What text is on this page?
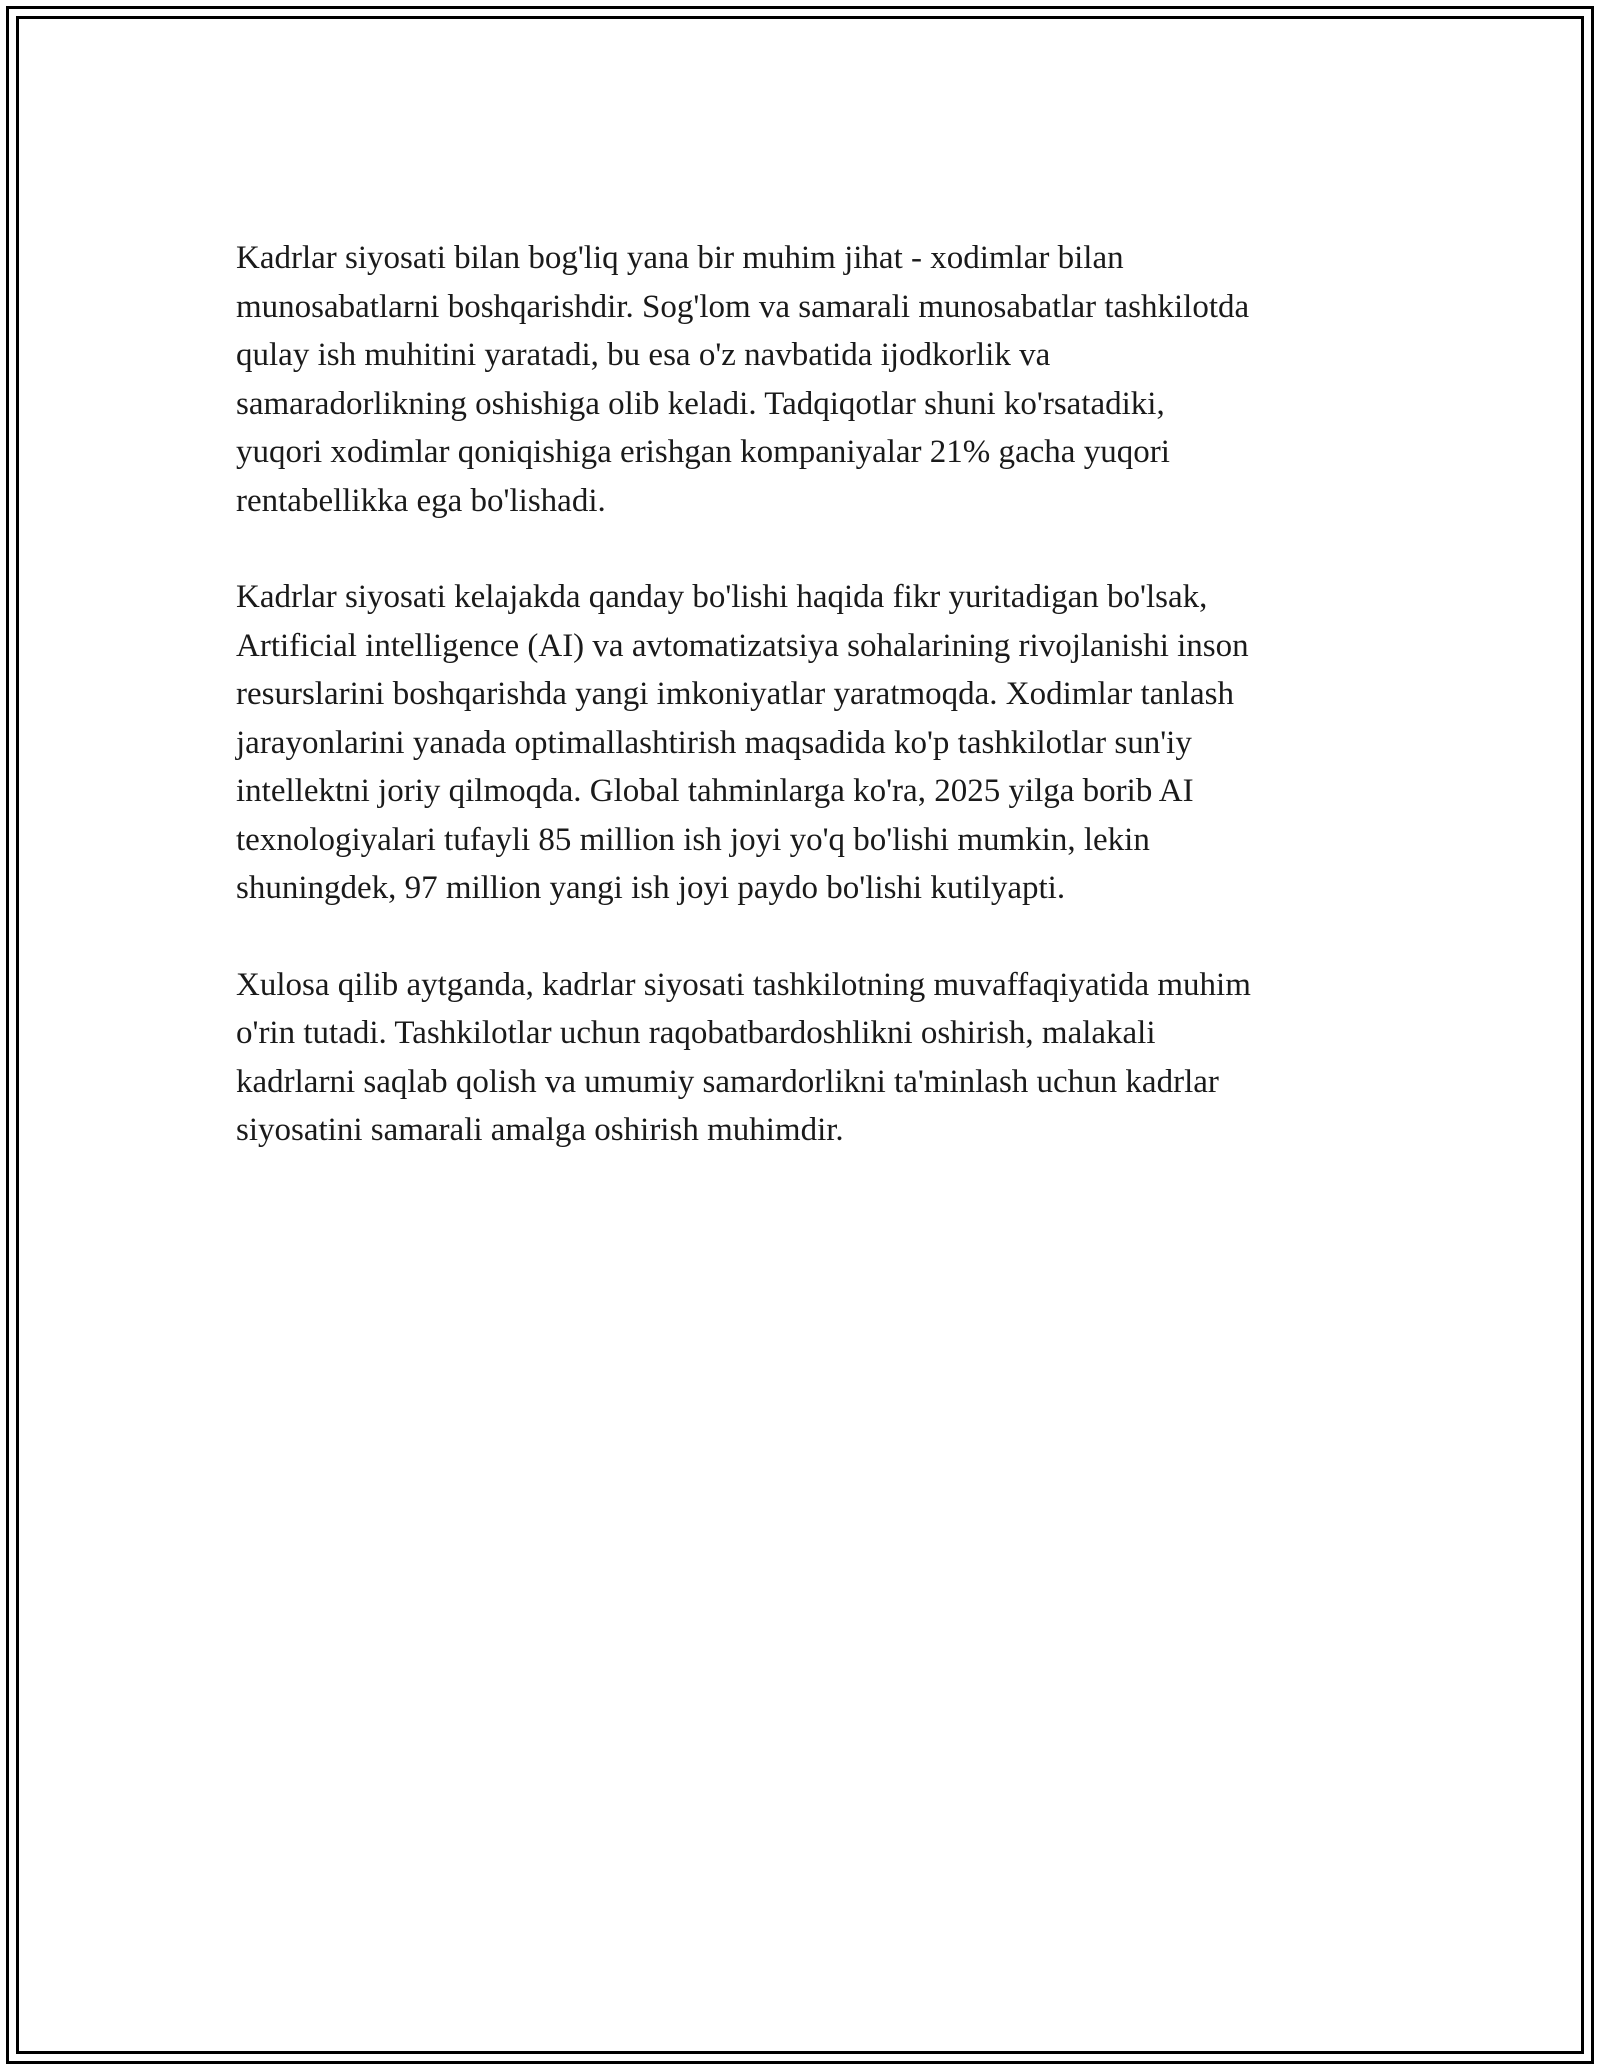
Kadrlar siyosati bilan bog'liq yana bir muhim jihat - xodimlar bilan
munosabatlarni boshqarishdir. Sog'lom va samarali munosabatlar tashkilotda
qulay ish muhitini yaratadi, bu esa o'z navbatida ijodkorlik va
samaradorlikning oshishiga olib keladi. Tadqiqotlar shuni ko'rsatadiki,
yuqori xodimlar qoniqishiga erishgan kompaniyalar 21% gacha yuqori
rentabellikka ega bo'lishadi.

Kadrlar siyosati kelajakda qanday bo'lishi haqida fikr yuritadigan bo'lsak,
Artificial intelligence (AI) va avtomatizatsiya sohalarining rivojlanishi inson
resurslarini boshqarishda yangi imkoniyatlar yaratmoqda. Xodimlar tanlash
jarayonlarini yanada optimallashtirish maqsadida ko'p tashkilotlar sun'iy
intellektni joriy qilmoqda. Global tahminlarga ko'ra, 2025 yilga borib AI
texnologiyalari tufayli 85 million ish joyi yo'q bo'lishi mumkin, lekin
shuningdek, 97 million yangi ish joyi paydo bo'lishi kutilyapti.

Xulosa qilib aytganda, kadrlar siyosati tashkilotning muvaffaqiyatida muhim
o'rin tutadi. Tashkilotlar uchun raqobatbardoshlikni oshirish, malakali
kadrlarni saqlab qolish va umumiy samardorlikni ta'minlash uchun kadrlar
siyosatini samarali amalga oshirish muhimdir.
